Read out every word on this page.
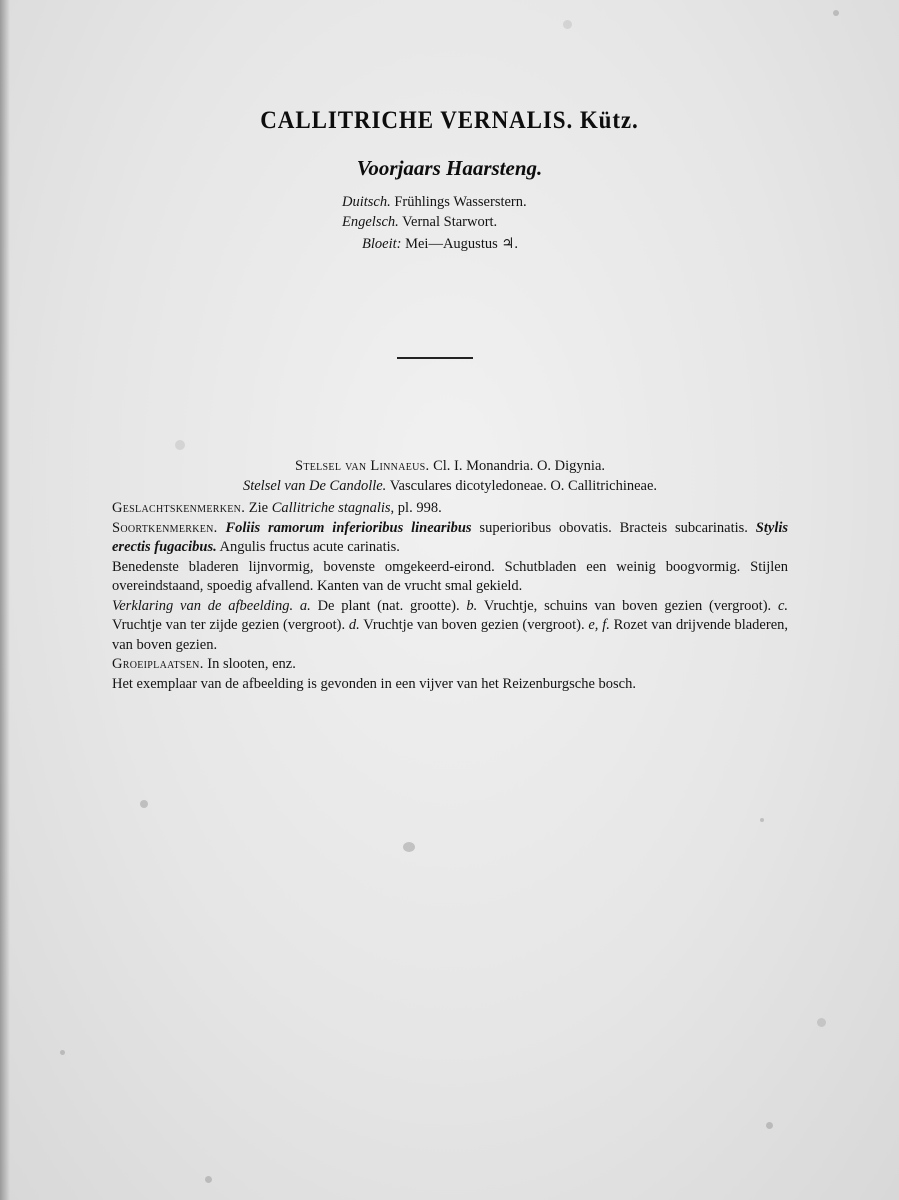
CALLITRICHE VERNALIS. Kütz.
Voorjaars Haarsteng.
Duitsch. Frühlings Wasserstern.
Engelsch. Vernal Starwort.
Bloeit: Mei—Augustus ♃.

Stelsel van Linnaeus. Cl. I. Monandria. O. Digynia.

Stelsel van De Candolle. Vasculares dicotyledoneae. O. Callitrichineae.

Geslachtskenmerken. Zie Callitriche stagnalis, pl. 998.

Soortkenmerken. Foliis ramorum inferioribus linearibus superioribus obovatis. Bracteis subcarinatis. Stylis erectis fugacibus. Angulis fructus acute carinatis.

Benedenste bladeren lijnvormig, bovenste omgekeerd-eirond. Schutbladen een weinig boogvormig. Stijlen overeindstaand, spoedig afvallend. Kanten van de vrucht smal gekield.

Verklaring van de afbeelding. a. De plant (nat. grootte). b. Vruchtje, schuins van boven gezien (vergroot). c. Vruchtje van ter zijde gezien (vergroot). d. Vruchtje van boven gezien (vergroot). e, f. Rozet van drijvende bladeren, van boven gezien.

Groeiplaatsen. In slooten, enz.

Het exemplaar van de afbeelding is gevonden in een vijver van het Reizenburgsche bosch.
